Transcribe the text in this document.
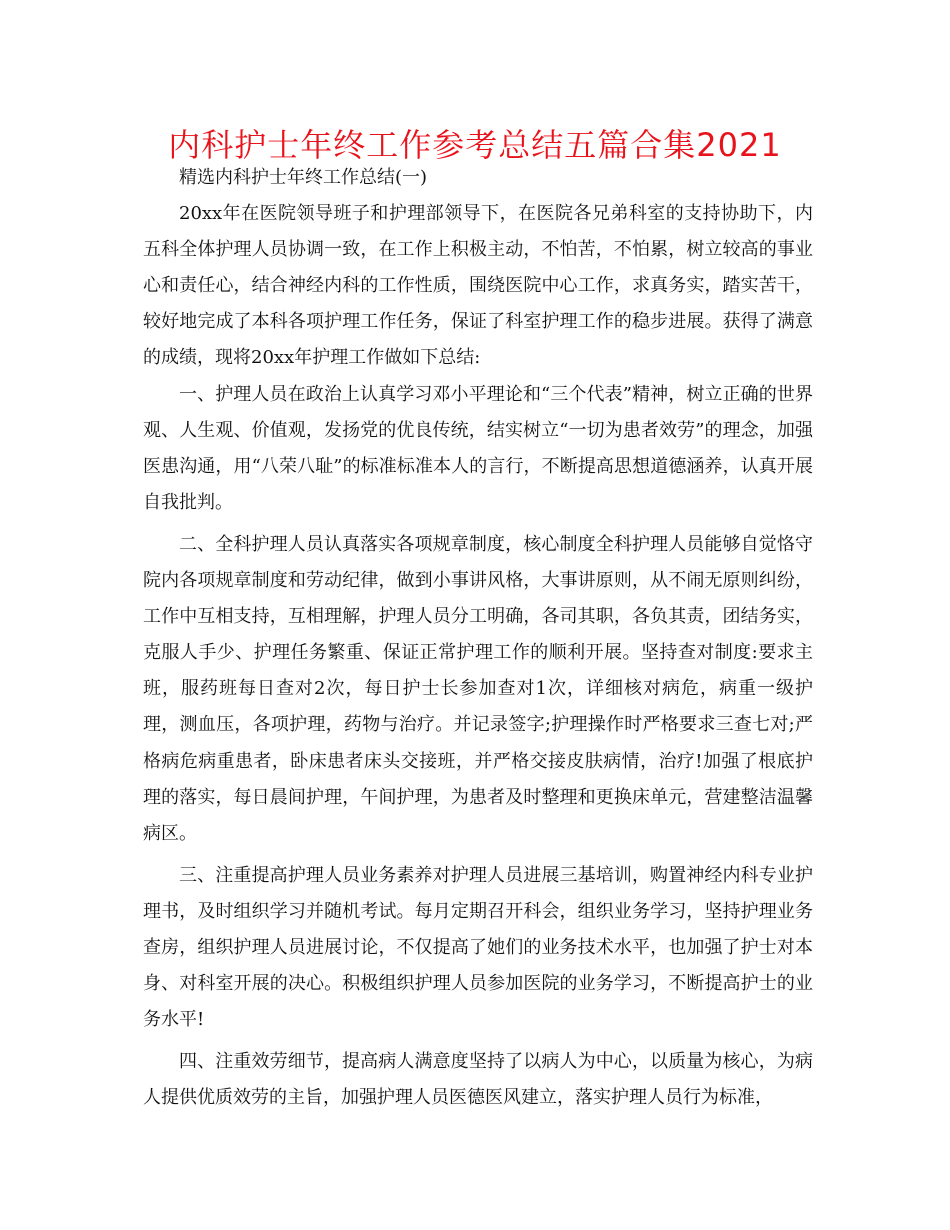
内科护士年终工作参考总结五篇合集2021

精选内科护士年终工作总结(一)

20xx年在医院领导班子和护理部领导下，在医院各兄弟科室的支持协助下，内五科全体护理人员协调一致，在工作上积极主动，不怕苦，不怕累，树立较高的事业心和责任心，结合神经内科的工作性质，围绕医院中心工作，求真务实，踏实苦干，较好地完成了本科各项护理工作任务，保证了科室护理工作的稳步进展。获得了满意的成绩，现将20xx年护理工作做如下总结:

一、护理人员在政治上认真学习邓小平理论和“三个代表”精神，树立正确的世界观、人生观、价值观，发扬党的优良传统，结实树立“一切为患者效劳”的理念，加强医患沟通，用“八荣八耻”的标准标准本人的言行，不断提高思想道德涵养，认真开展自我批判。

二、全科护理人员认真落实各项规章制度，核心制度全科护理人员能够自觉恪守院内各项规章制度和劳动纪律，做到小事讲风格，大事讲原则，从不闹无原则纠纷，工作中互相支持，互相理解，护理人员分工明确，各司其职，各负其责，团结务实，克服人手少、护理任务繁重、保证正常护理工作的顺利开展。坚持查对制度:要求主班，服药班每日查对2次，每日护士长参加查对1次，详细核对病危，病重一级护理，测血压，各项护理，药物与治疗。并记录签字;护理操作时严格要求三查七对;严格病危病重患者，卧床患者床头交接班，并严格交接皮肤病情，治疗!加强了根底护理的落实，每日晨间护理，午间护理，为患者及时整理和更换床单元，营建整洁温馨病区。

三、注重提高护理人员业务素养对护理人员进展三基培训，购置神经内科专业护理书，及时组织学习并随机考试。每月定期召开科会，组织业务学习，坚持护理业务查房，组织护理人员进展讨论，不仅提高了她们的业务技术水平，也加强了护士对本身、对科室开展的决心。积极组织护理人员参加医院的业务学习，不断提高护士的业务水平!

四、注重效劳细节，提高病人满意度坚持了以病人为中心，以质量为核心，为病人提供优质效劳的主旨，加强护理人员医德医风建立，落实护理人员行为标准，
